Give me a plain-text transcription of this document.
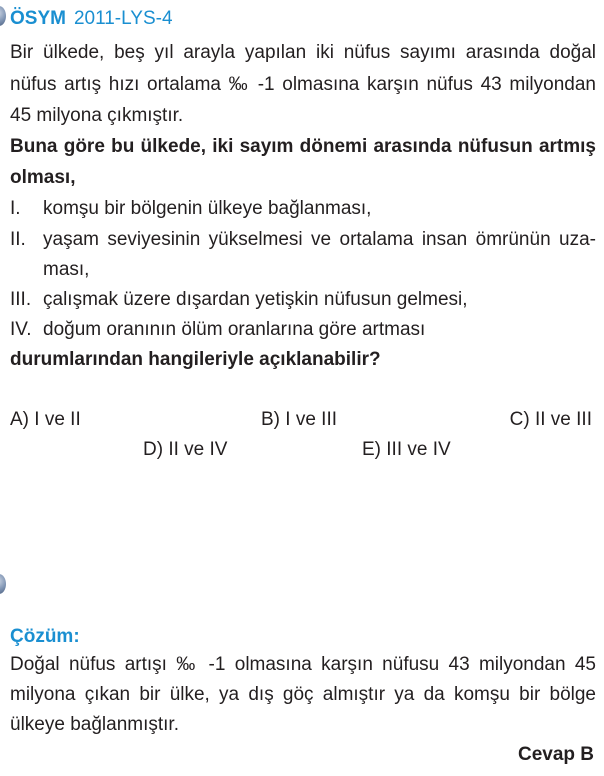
ÖSYM 2011-LYS-4
Bir ülkede, beş yıl arayla yapılan iki nüfus sayımı arasında doğal
nüfus artış hızı ortalama ‰ -1 olmasına karşın nüfus 43 milyondan
45 milyona çıkmıştır.
Buna göre bu ülkede, iki sayım dönemi arasında nüfusun artmış
olması,
I. komşu bir bölgenin ülkeye bağlanması,
II. yaşam seviyesinin yükselmesi ve ortalama insan ömrünün uza-
ması,
III. çalışmak üzere dışardan yetişkin nüfusun gelmesi,
IV. doğum oranının ölüm oranlarına göre artması
durumlarından hangileriyle açıklanabilir?
A) I ve II	B) I ve III	C) II ve III
D) II ve IV	E) III ve IV
Çözüm:
Doğal nüfus artışı ‰ -1 olmasına karşın nüfusu 43 milyondan 45
milyona çıkan bir ülke, ya dış göç almıştır ya da komşu bir bölge
ülkeye bağlanmıştır.
Cevap B
